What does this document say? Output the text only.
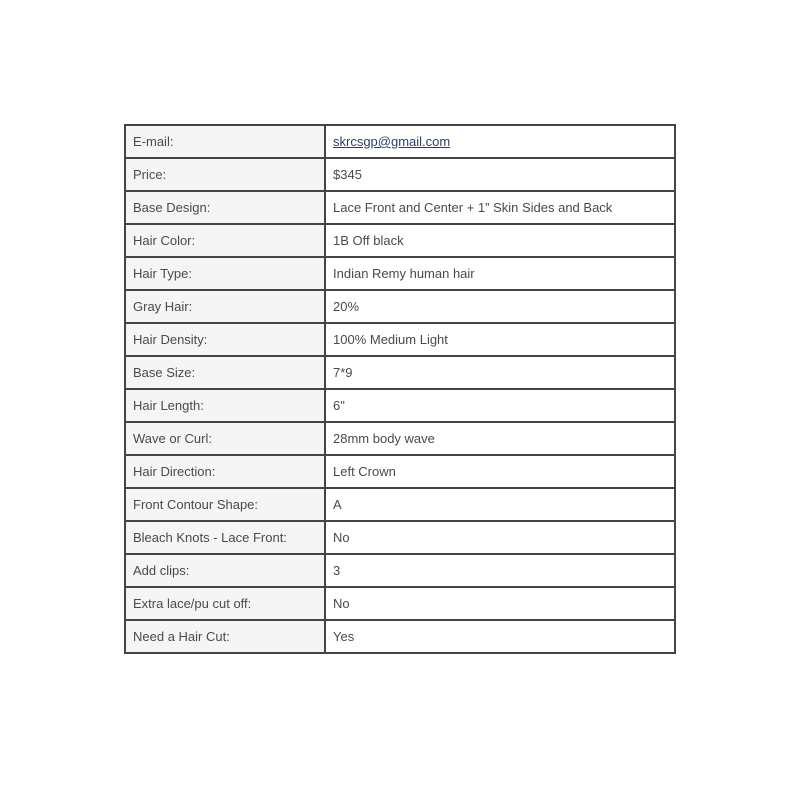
E-mail:	skrcsgp@gmail.com
Price:	$345
Base Design:	Lace Front and Center + 1” Skin Sides and Back
Hair Color:	1B Off black
Hair Type:	Indian Remy human hair
Gray Hair:	20%
Hair Density:	100% Medium Light
Base Size:	7*9
Hair Length:	6"
Wave or Curl:	28mm body wave
Hair Direction:	Left Crown
Front Contour Shape:	A
Bleach Knots - Lace Front:	No
Add clips:	3
Extra lace/pu cut off:	No
Need a Hair Cut:	Yes
